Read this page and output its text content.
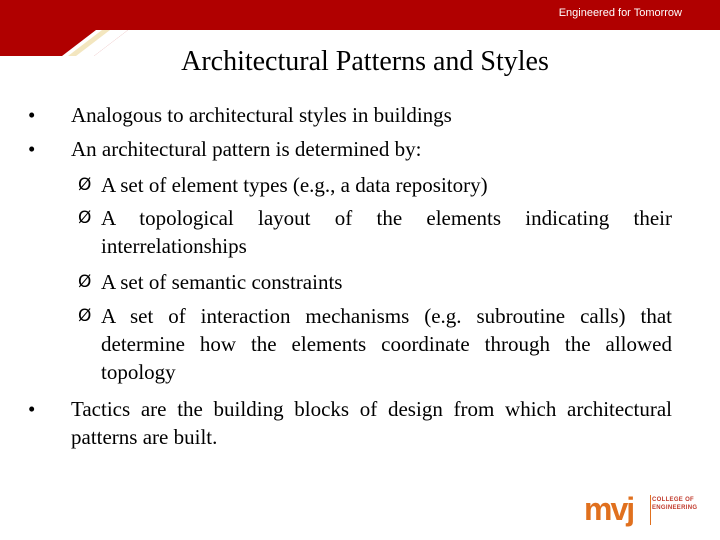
Engineered for Tomorrow
Architectural Patterns and Styles
•	Analogous to architectural styles in buildings
•	An architectural pattern is determined by:
Ø A set of element types (e.g., a data repository)
Ø A topological layout of the elements indicating their interrelationships
Ø A set of semantic constraints
Ø A set of interaction mechanisms (e.g. subroutine calls) that determine how the elements coordinate through the allowed topology
•	Tactics are the building blocks of design from which architectural patterns are built.
mvj	COLLEGE OF
ENGINEERING
